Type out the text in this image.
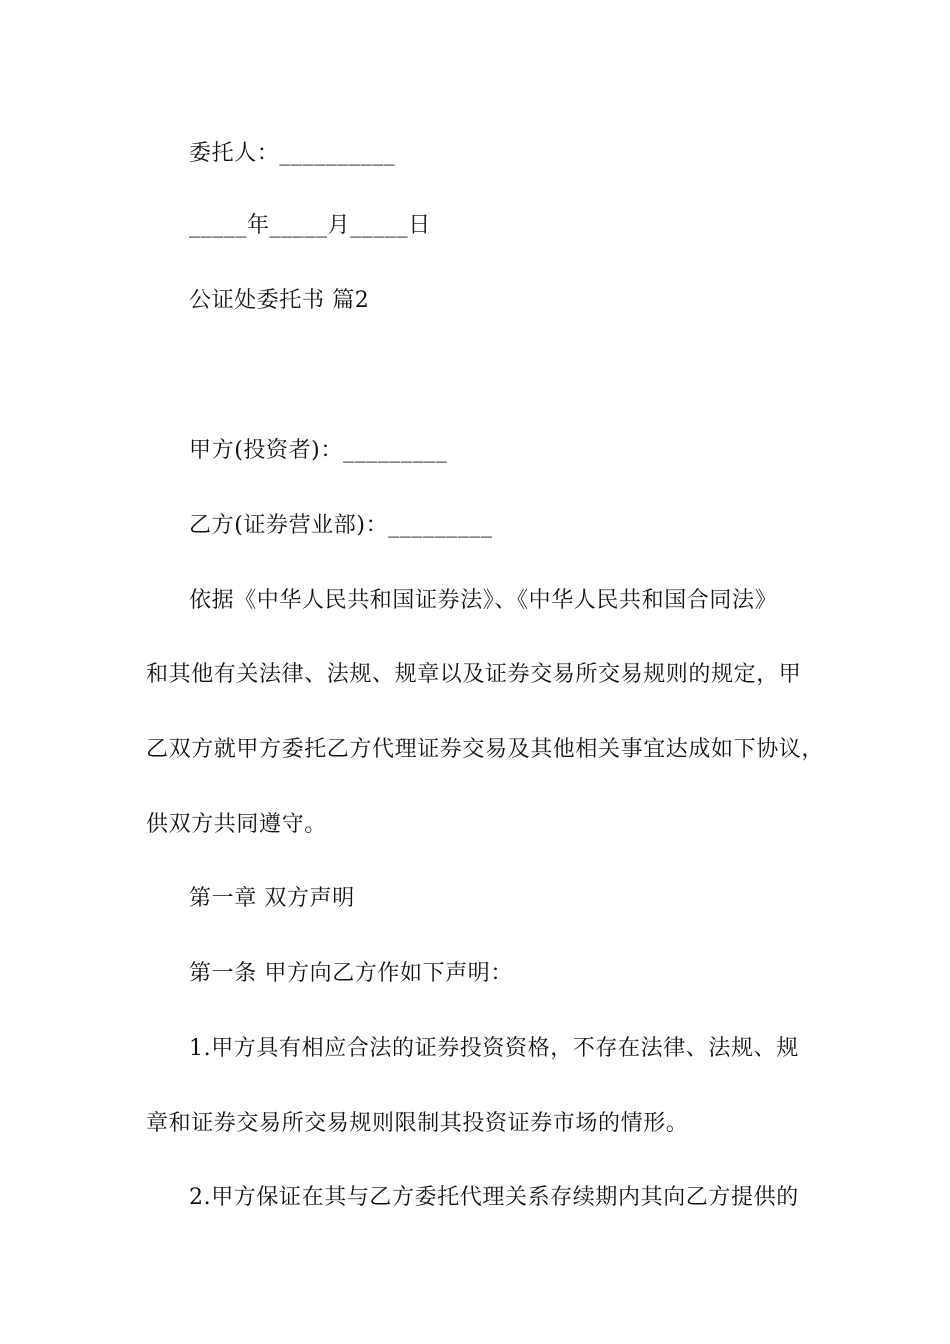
委托人：__________
_____年_____月_____日
公证处委托书 篇2
甲方(投资者)：_________
乙方(证券营业部)：_________
依据《中华人民共和国证券法》、《中华人民共和国合同法》
和其他有关法律、法规、规章以及证券交易所交易规则的规定，甲
乙双方就甲方委托乙方代理证券交易及其他相关事宜达成如下协议，
供双方共同遵守。
第一章 双方声明
第一条 甲方向乙方作如下声明：
1.甲方具有相应合法的证券投资资格，不存在法律、法规、规
章和证券交易所交易规则限制其投资证券市场的情形。
2.甲方保证在其与乙方委托代理关系存续期内其向乙方提供的
